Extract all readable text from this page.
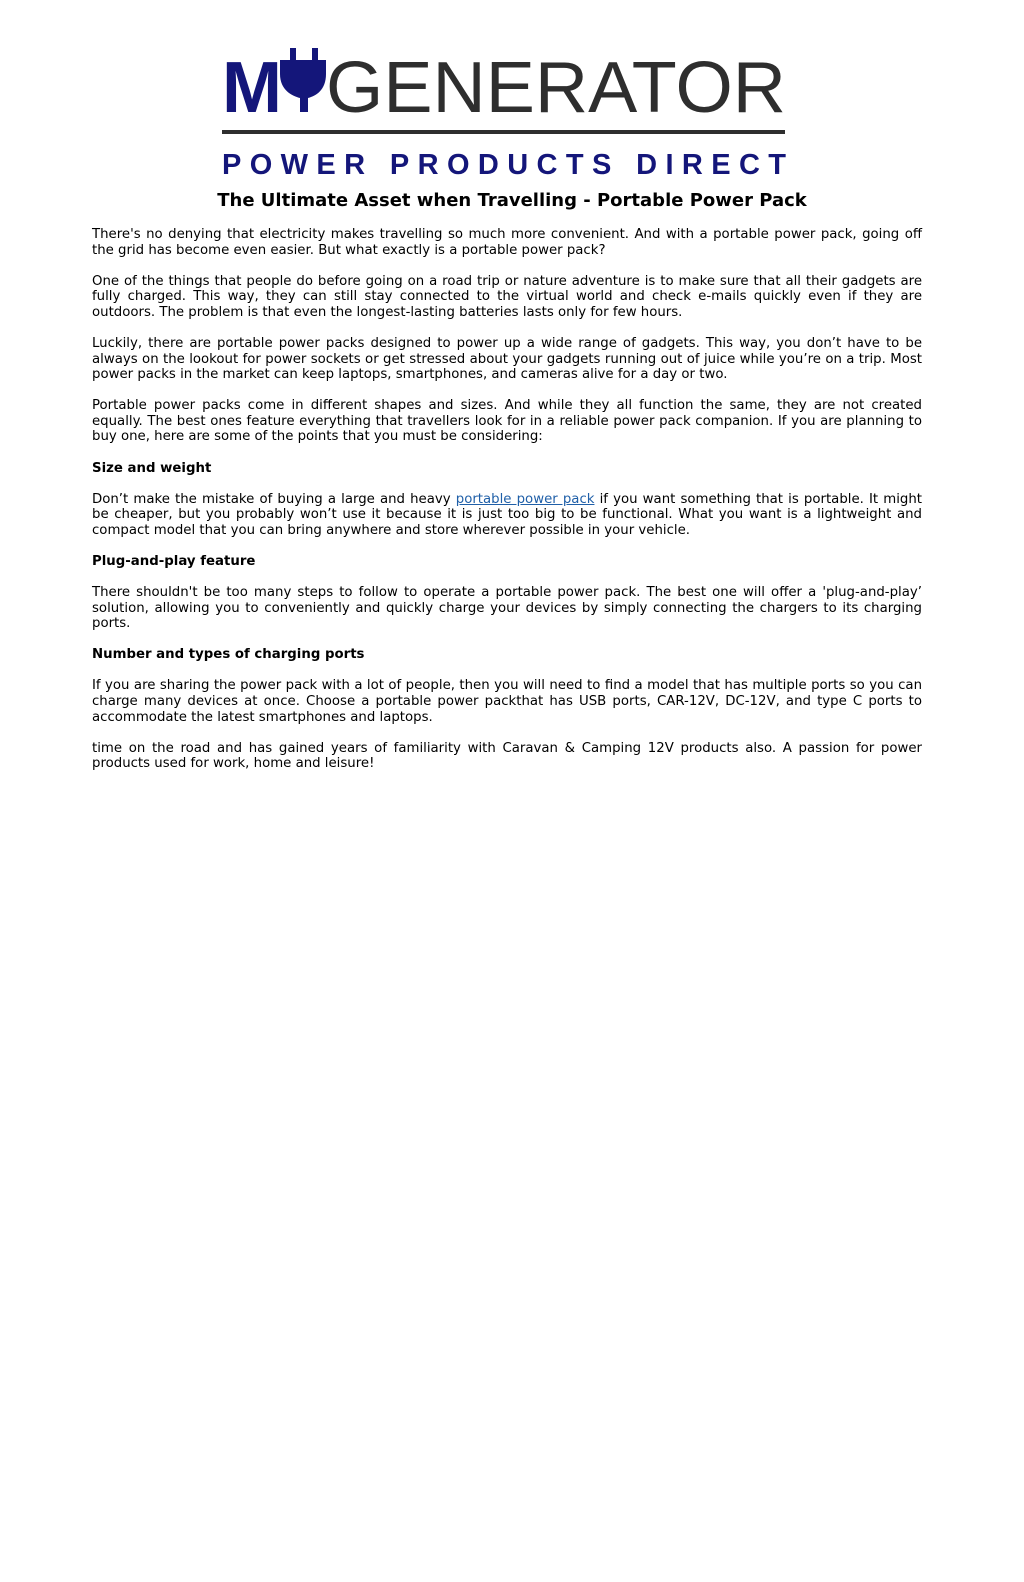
M GENERATOR
POWER PRODUCTS DIRECT
The Ultimate Asset when Travelling - Portable Power Pack

There's no denying that electricity makes travelling so much more convenient. And with a portable power pack, going off the grid has become even easier. But what exactly is a portable power pack?

One of the things that people do before going on a road trip or nature adventure is to make sure that all their gadgets are fully charged. This way, they can still stay connected to the virtual world and check e-mails quickly even if they are outdoors. The problem is that even the longest-lasting batteries lasts only for few hours.

Luckily, there are portable power packs designed to power up a wide range of gadgets. This way, you don’t have to be always on the lookout for power sockets or get stressed about your gadgets running out of juice while you’re on a trip. Most power packs in the market can keep laptops, smartphones, and cameras alive for a day or two.

Portable power packs come in different shapes and sizes. And while they all function the same, they are not created equally. The best ones feature everything that travellers look for in a reliable power pack companion. If you are planning to buy one, here are some of the points that you must be considering:

Size and weight

Don’t make the mistake of buying a large and heavy portable power pack if you want something that is portable. It might be cheaper, but you probably won’t use it because it is just too big to be functional. What you want is a lightweight and compact model that you can bring anywhere and store wherever possible in your vehicle.

Plug-and-play feature

There shouldn't be too many steps to follow to operate a portable power pack. The best one will offer a 'plug-and-play’ solution, allowing you to conveniently and quickly charge your devices by simply connecting the chargers to its charging ports.

Number and types of charging ports

If you are sharing the power pack with a lot of people, then you will need to find a model that has multiple ports so you can charge many devices at once. Choose a portable power packthat has USB ports, CAR-12V, DC-12V, and type C ports to accommodate the latest smartphones and laptops.

time on the road and has gained years of familiarity with Caravan & Camping 12V products also. A passion for power products used for work, home and leisure!
